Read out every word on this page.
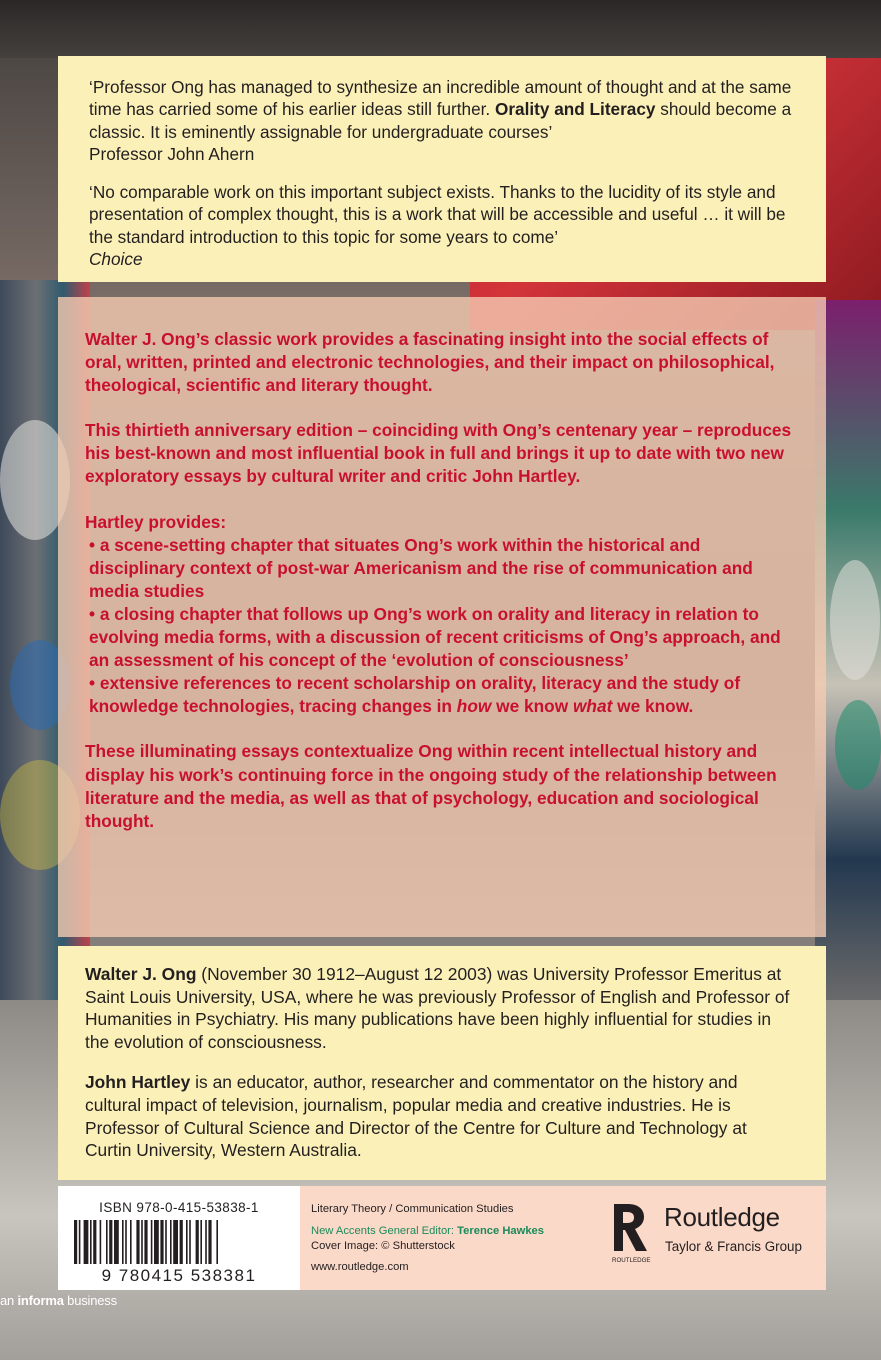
‘Professor Ong has managed to synthesize an incredible amount of thought and at the same time has carried some of his earlier ideas still further. Orality and Literacy should become a classic. It is eminently assignable for undergraduate courses’
Professor John Ahern

‘No comparable work on this important subject exists. Thanks to the lucidity of its style and presentation of complex thought, this is a work that will be accessible and useful … it will be the standard introduction to this topic for some years to come’
Choice

Walter J. Ong’s classic work provides a fascinating insight into the social effects of oral, written, printed and electronic technologies, and their impact on philosophical, theological, scientific and literary thought.

This thirtieth anniversary edition – coinciding with Ong’s centenary year – reproduces his best-known and most influential book in full and brings it up to date with two new exploratory essays by cultural writer and critic John Hartley.

Hartley provides:

• a scene-setting chapter that situates Ong’s work within the historical and disciplinary context of post-war Americanism and the rise of communication and media studies

• a closing chapter that follows up Ong’s work on orality and literacy in relation to evolving media forms, with a discussion of recent criticisms of Ong’s approach, and an assessment of his concept of the ‘evolution of consciousness’

• extensive references to recent scholarship on orality, literacy and the study of knowledge technologies, tracing changes in how we know what we know.

These illuminating essays contextualize Ong within recent intellectual history and display his work’s continuing force in the ongoing study of the relationship between literature and the media, as well as that of psychology, education and sociological thought.

Walter J. Ong (November 30 1912–August 12 2003) was University Professor Emeritus at Saint Louis University, USA, where he was previously Professor of English and Professor of Humanities in Psychiatry. His many publications have been highly influential for studies in the evolution of consciousness.

John Hartley is an educator, author, researcher and commentator on the history and cultural impact of television, journalism, popular media and creative industries. He is Professor of Cultural Science and Director of the Centre for Culture and Technology at Curtin University, Western Australia.

ISBN 978-0-415-53838-1
9 780415 538381
Literary Theory / Communication Studies
New Accents General Editor: Terence Hawkes
Cover Image: © Shutterstock
www.routledge.com
ROUTLEDGE
Routledge
Taylor & Francis Group
an informa business
